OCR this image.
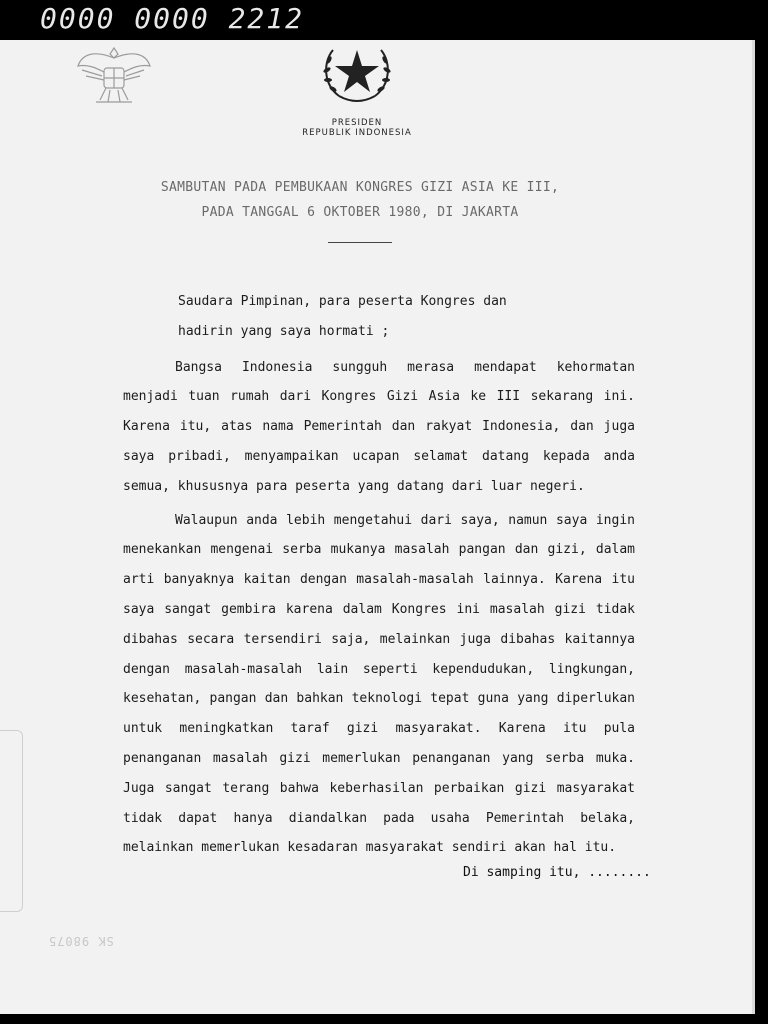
0000 0000 2212
PRESIDEN
REPUBLIK INDONESIA
SAMBUTAN PADA PEMBUKAAN KONGRES GIZI ASIA KE III,
PADA TANGGAL 6 OKTOBER 1980, DI JAKARTA
Saudara Pimpinan, para peserta Kongres dan
hadirin yang saya hormati ;

Bangsa Indonesia sungguh merasa mendapat kehormatan menjadi tuan rumah dari Kongres Gizi Asia ke III sekarang ini. Karena itu, atas nama Pemerintah dan rakyat Indonesia, dan juga saya pribadi, menyampaikan ucapan selamat datang kepada anda semua, khususnya para peserta yang datang dari luar negeri.

Walaupun anda lebih mengetahui dari saya, namun saya ingin menekankan mengenai serba mukanya masalah pangan dan gizi, dalam arti banyaknya kaitan dengan masalah-masalah lainnya. Karena itu saya sangat gembira karena dalam Kongres ini masalah gizi tidak dibahas secara tersendiri saja, melainkan juga dibahas kaitannya dengan masalah-masalah lain seperti kependudukan, lingkungan, kesehatan, pangan dan bahkan teknologi tepat guna yang diperlukan untuk meningkatkan taraf gizi masyarakat. Karena itu pula penanganan masalah gizi memerlukan penanganan yang serba muka. Juga sangat terang bahwa keberhasilan perbaikan gizi masyarakat tidak dapat hanya diandalkan pada usaha Pemerintah belaka, melainkan memerlukan kesadaran masyarakat sendiri akan hal itu.

Di samping itu, ........
SK 98075
